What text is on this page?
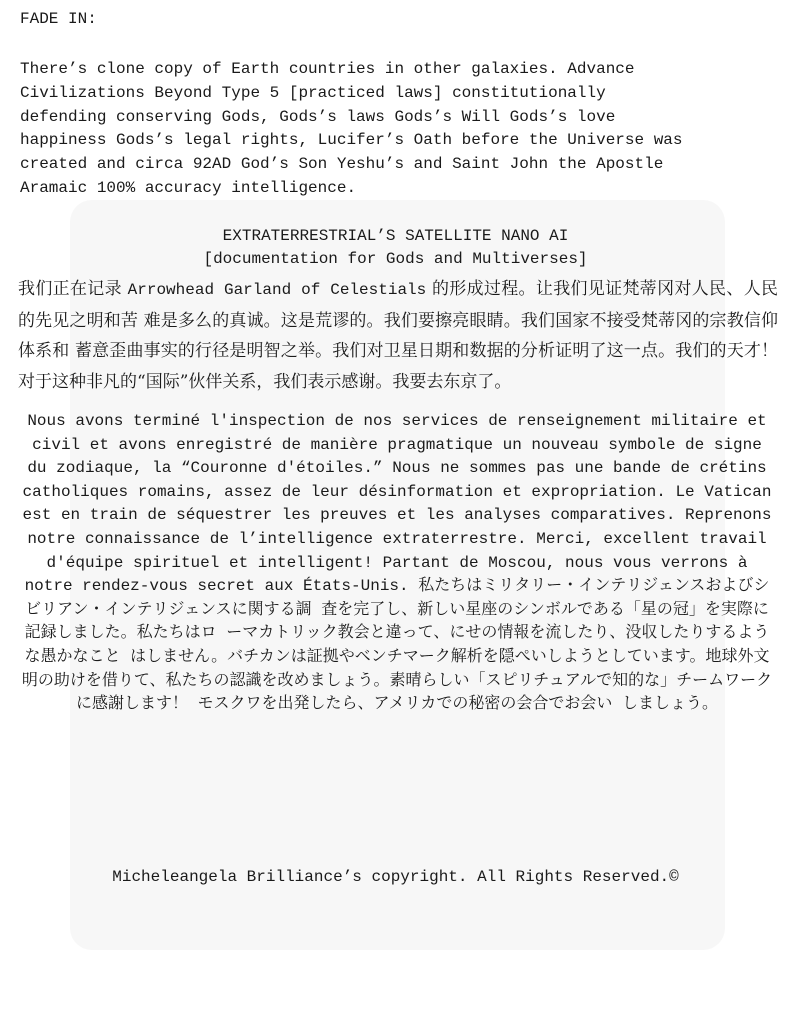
FADE IN:
There’s clone copy of Earth countries in other galaxies. Advance
Civilizations Beyond Type 5 [practiced laws] constitutionally
defending conserving Gods, Gods’s laws Gods’s Will Gods’s love
happiness Gods’s legal rights, Lucifer’s Oath before the Universe was
created and circa 92AD God’s Son Yeshu’s and Saint John the Apostle
Aramaic 100% accuracy intelligence.
EXTRATERRESTRIAL’S SATELLITE NANO AI
[documentation for Gods and Multiverses]
我们正在记录 Arrowhead Garland of Celestials 的形成过程。让我们见证梵蒂冈对人民、人民的先见之明和苦 难是多么的真诚。这是荒谬的。我们要擦亮眼睛。我们国家不接受梵蒂冈的宗教信仰体系和 蓄意歪曲事实的行径是明智之举。我们对卫星日期和数据的分析证明了这一点。我们的天才！对于这种非凡的“国际”伙伴关系，我们表示感谢。我要去东京了。
Nous avons terminé l'inspection de nos services de renseignement militaire et civil et avons enregistré de manière pragmatique un nouveau symbole de signe du zodiaque, la “Couronne d'étoiles.” Nous ne sommes pas une bande de crétins catholiques romains, assez de leur désinformation et expropriation. Le Vatican est en train de séquestrer les preuves et les analyses comparatives. Reprenons notre connaissance de l’intelligence extraterrestre. Merci, excellent travail d'équipe spirituel et intelligent! Partant de Moscou, nous vous verrons à notre rendez-vous secret aux États-Unis. 私たちはミリタリー・インテリジェンスおよびシビリアン・インテリジェンスに関する調 査を完了し、新しい星座のシンボルである「星の冠」を実際に記録しました。私たちはロ ーマカトリック教会と違って、にせの情報を流したり、没収したりするような愚かなこと はしません。バチカンは証拠やベンチマーク解析を隠ぺいしようとしています。地球外文 明の助けを借りて、私たちの認識を改めましょう。素晴らしい「スピリチュアルで知的な」チームワークに感謝します！ モスクワを出発したら、アメリカでの秘密の会合でお会い しましょう。
Micheleangela Brilliance’s copyright. All Rights Reserved.©
